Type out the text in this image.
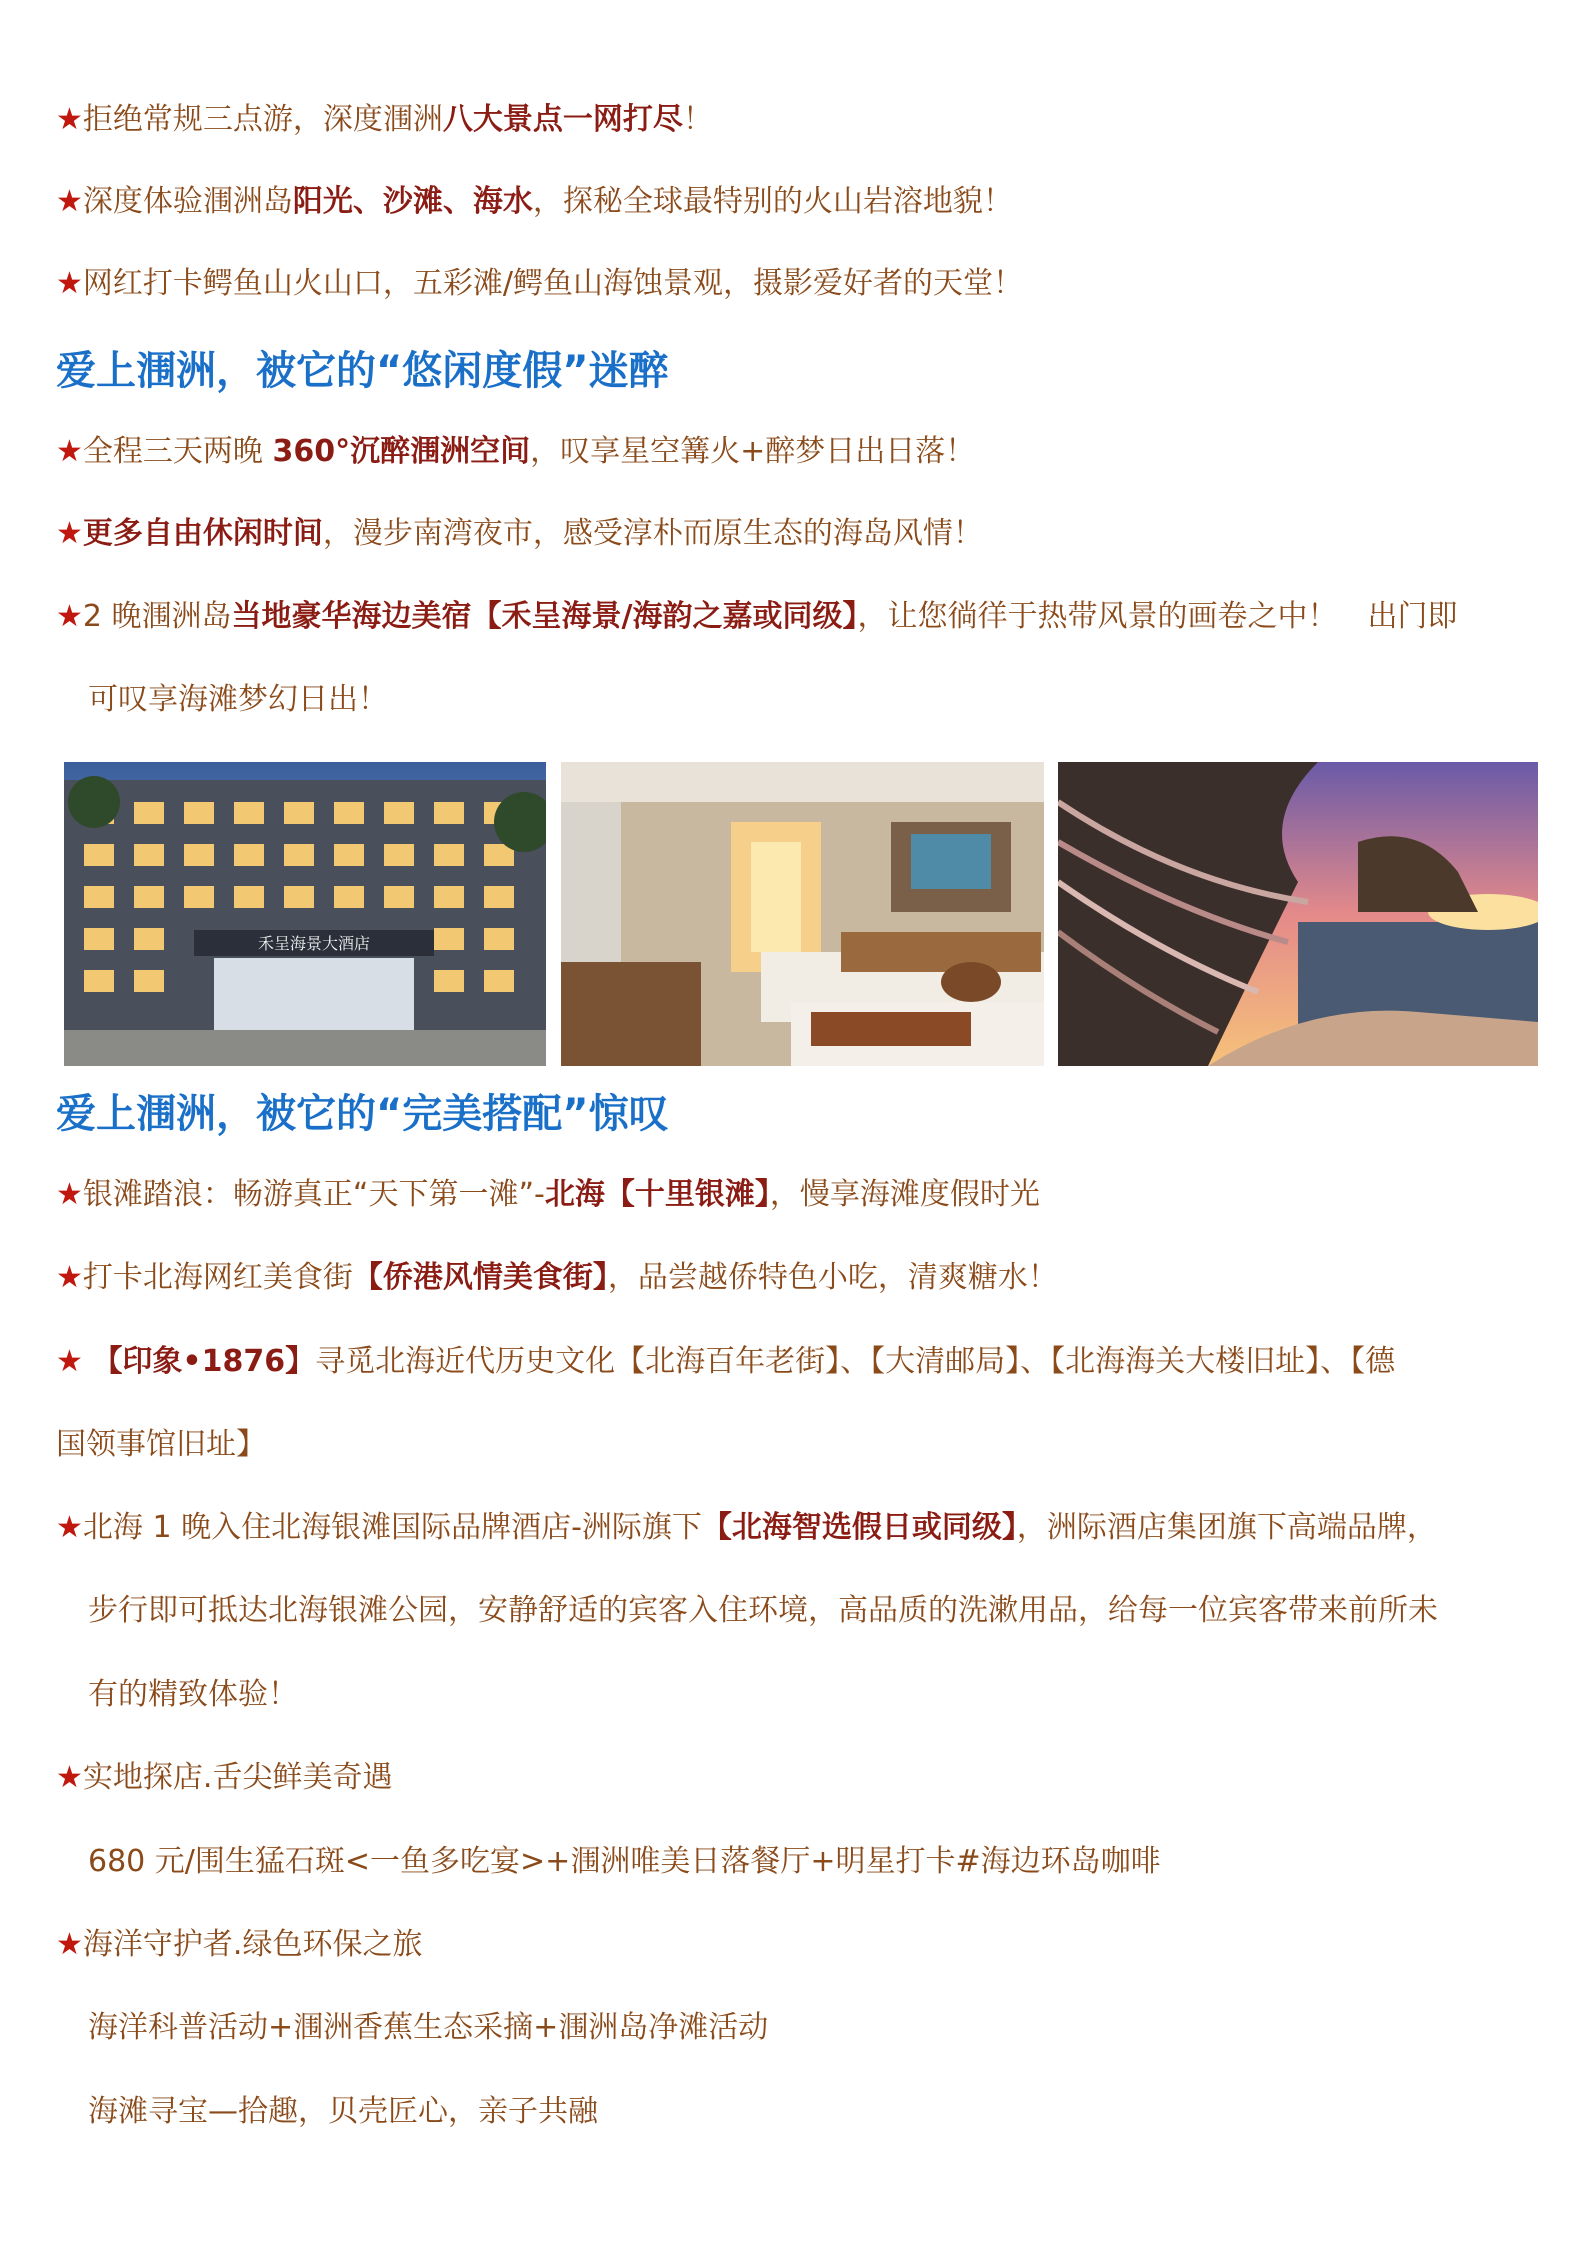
★拒绝常规三点游，深度涠洲八大景点一网打尽！
★深度体验涠洲岛阳光、沙滩、海水，探秘全球最特别的火山岩溶地貌！
★网红打卡鳄鱼山火山口，五彩滩/鳄鱼山海蚀景观，摄影爱好者的天堂！
爱上涠洲，被它的“悠闲度假”迷醉
★全程三天两晚 360°沉醉涠洲空间，叹享星空篝火+醉梦日出日落！
★更多自由休闲时间，漫步南湾夜市，感受淳朴而原生态的海岛风情！
★2 晚涠洲岛当地豪华海边美宿【禾呈海景/海韵之嘉或同级】，让您徜徉于热带风景的画卷之中！　出门即
可叹享海滩梦幻日出！
禾呈海景大酒店
爱上涠洲，被它的“完美搭配”惊叹
★银滩踏浪：畅游真正“天下第一滩”-北海【十里银滩】，慢享海滩度假时光
★打卡北海网红美食街【侨港风情美食街】，品尝越侨特色小吃，清爽糖水！
★ 【印象•1876】寻觅北海近代历史文化【北海百年老街】、【大清邮局】、【北海海关大楼旧址】、【德
国领事馆旧址】
★北海 1 晚入住北海银滩国际品牌酒店-洲际旗下【北海智选假日或同级】，洲际酒店集团旗下高端品牌，
步行即可抵达北海银滩公园，安静舒适的宾客入住环境，高品质的洗漱用品，给每一位宾客带来前所未
有的精致体验！
★实地探店.舌尖鲜美奇遇
680 元/围生猛石斑<一鱼多吃宴>+涠洲唯美日落餐厅+明星打卡#海边环岛咖啡
★海洋守护者.绿色环保之旅
海洋科普活动+涠洲香蕉生态采摘+涠洲岛净滩活动
海滩寻宝—拾趣，贝壳匠心，亲子共融
